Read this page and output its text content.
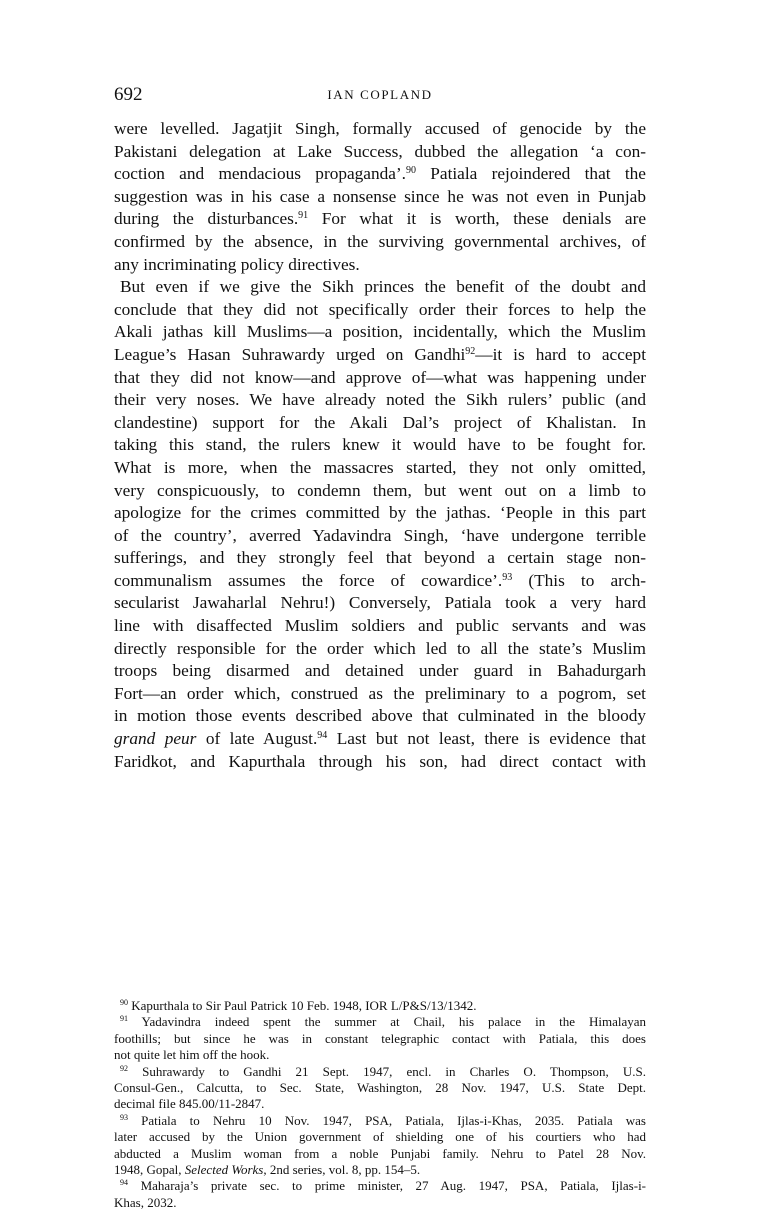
692	IAN COPLAND

were levelled. Jagatjit Singh, formally accused of genocide by the
Pakistani delegation at Lake Success, dubbed the allegation ‘a con-
coction and mendacious propaganda’.$^{90}$ Patiala rejoindered that the
suggestion was in his case a nonsense since he was not even in Punjab
during the disturbances.$^{91}$ For what it is worth, these denials are
confirmed by the absence, in the surviving governmental archives, of
any incriminating policy directives.

But even if we give the Sikh princes the benefit of the doubt and
conclude that they did not specifically order their forces to help the
Akali jathas kill Muslims—a position, incidentally, which the Muslim
League’s Hasan Suhrawardy urged on Gandhi$^{92}$—it is hard to accept
that they did not know—and approve of—what was happening under
their very noses. We have already noted the Sikh rulers’ public (and
clandestine) support for the Akali Dal’s project of Khalistan. In
taking this stand, the rulers knew it would have to be fought for.
What is more, when the massacres started, they not only omitted,
very conspicuously, to condemn them, but went out on a limb to
apologize for the crimes committed by the jathas. ‘People in this part
of the country’, averred Yadavindra Singh, ‘have undergone terrible
sufferings, and they strongly feel that beyond a certain stage non-
communalism assumes the force of cowardice’.$^{93}$ (This to arch-
secularist Jawaharlal Nehru!) Conversely, Patiala took a very hard
line with disaffected Muslim soldiers and public servants and was
directly responsible for the order which led to all the state’s Muslim
troops being disarmed and detained under guard in Bahadurgarh
Fort—an order which, construed as the preliminary to a pogrom, set
in motion those events described above that culminated in the bloody
grand peur of late August.$^{94}$ Last but not least, there is evidence that
Faridkot, and Kapurthala through his son, had direct contact with

$^{90}$ Kapurthala to Sir Paul Patrick 10 Feb. 1948, IOR L/P&S/13/1342.

$^{91}$ Yadavindra indeed spent the summer at Chail, his palace in the Himalayan
foothills; but since he was in constant telegraphic contact with Patiala, this does
not quite let him off the hook.

$^{92}$ Suhrawardy to Gandhi 21 Sept. 1947, encl. in Charles O. Thompson, U.S.
Consul-Gen., Calcutta, to Sec. State, Washington, 28 Nov. 1947, U.S. State Dept.
decimal file 845.00/11-2847.

$^{93}$ Patiala to Nehru 10 Nov. 1947, PSA, Patiala, Ijlas-i-Khas, 2035. Patiala was
later accused by the Union government of shielding one of his courtiers who had
abducted a Muslim woman from a noble Punjabi family. Nehru to Patel 28 Nov.
1948, Gopal, Selected Works, 2nd series, vol. 8, pp. 154–5.

$^{94}$ Maharaja’s private sec. to prime minister, 27 Aug. 1947, PSA, Patiala, Ijlas-i-
Khas, 2032.
